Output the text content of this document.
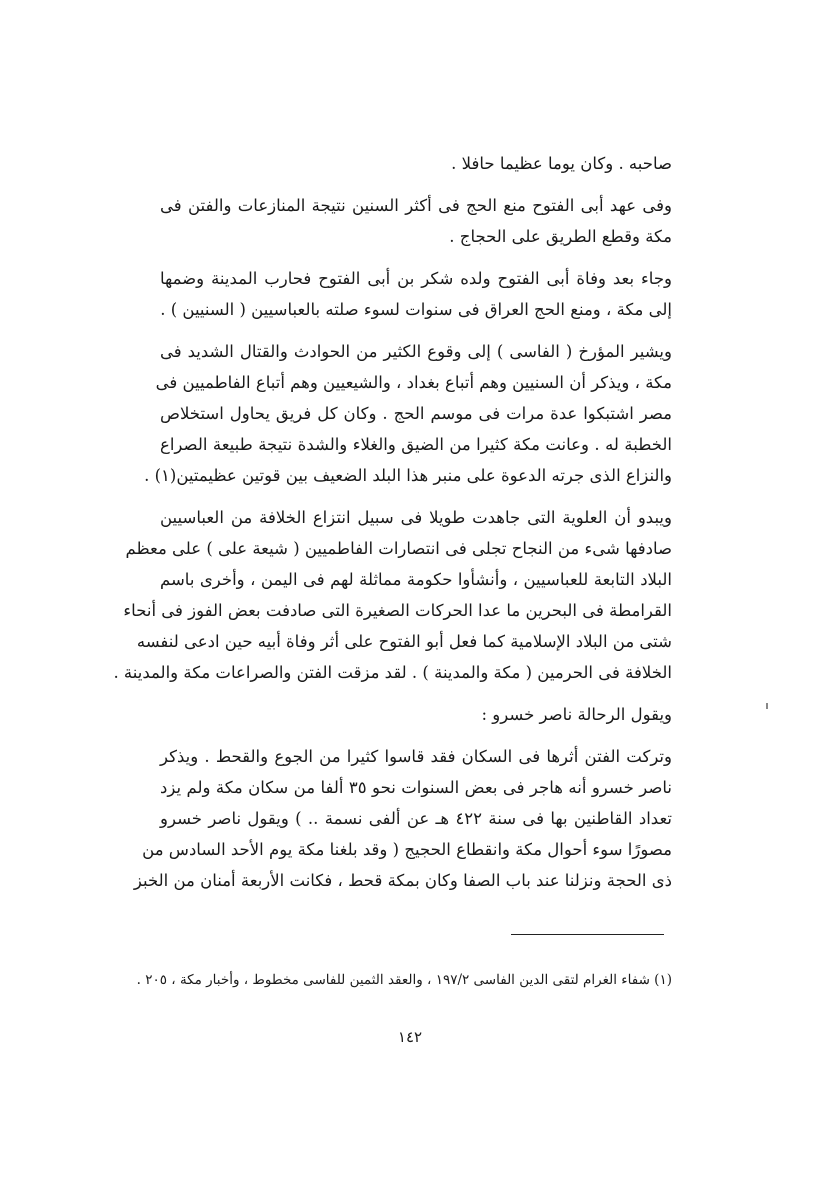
صاحبه . وكان يوما عظيما حافلا .
وفى عهد أبى الفتوح منع الحج فى أكثر السنين نتيجة المنازعات والفتن فى
مكة وقطع الطريق على الحجاج .
وجاء بعد وفاة أبى الفتوح ولده شكر بن أبى الفتوح فحارب المدينة وضمها
إلى مكة ، ومنع الحج العراق فى سنوات لسوء صلته بالعباسيين ( السنيين ) .
ويشير المؤرخ ( الفاسى ) إلى وقوع الكثير من الحوادث والقتال الشديد فى
مكة ، ويذكر أن السنيين وهم أتباع بغداد ، والشيعيين وهم أتباع الفاطميين فى
مصر اشتبكوا عدة مرات فى موسم الحج . وكان كل فريق يحاول استخلاص
الخطبة له . وعانت مكة كثيرا من الضيق والغلاء والشدة نتيجة طبيعة الصراع
والنزاع الذى جرته الدعوة على منبر هذا البلد الضعيف بين قوتين عظيمتين(١) .
ويبدو أن العلوية التى جاهدت طويلا فى سبيل انتزاع الخلافة من العباسيين
صادفها شىء من النجاح تجلى فى انتصارات الفاطميين ( شيعة على ) على معظم
البلاد التابعة للعباسيين ، وأنشأوا حكومة مماثلة لهم فى اليمن ، وأخرى باسم
القرامطة فى البحرين ما عدا الحركات الصغيرة التى صادفت بعض الفوز فى أنحاء
شتى من البلاد الإسلامية كما فعل أبو الفتوح على أثر وفاة أبيه حين ادعى لنفسه
الخلافة فى الحرمين ( مكة والمدينة ) . لقد مزقت الفتن والصراعات مكة والمدينة .
ويقول الرحالة ناصر خسرو :
وتركت الفتن أثرها فى السكان فقد قاسوا كثيرا من الجوع والقحط . ويذكر
ناصر خسرو أنه هاجر فى بعض السنوات نحو ٣٥ ألفا من سكان مكة ولم يزد
تعداد القاطنين بها فى سنة ٤٢٢ هـ عن ألفى نسمة .. ) ويقول ناصر خسرو
مصورًا سوء أحوال مكة وانقطاع الحجيج ( وقد بلغنا مكة يوم الأحد السادس من
ذى الحجة ونزلنا عند باب الصفا وكان بمكة قحط ، فكانت الأربعة أمنان من الخبز
(١) شفاء الغرام لتقى الدين الفاسى ١٩٧/٢ ، والعقد الثمين للفاسى مخطوط ، وأخبار مكة ، ٢٠٥ .
١٤٢
